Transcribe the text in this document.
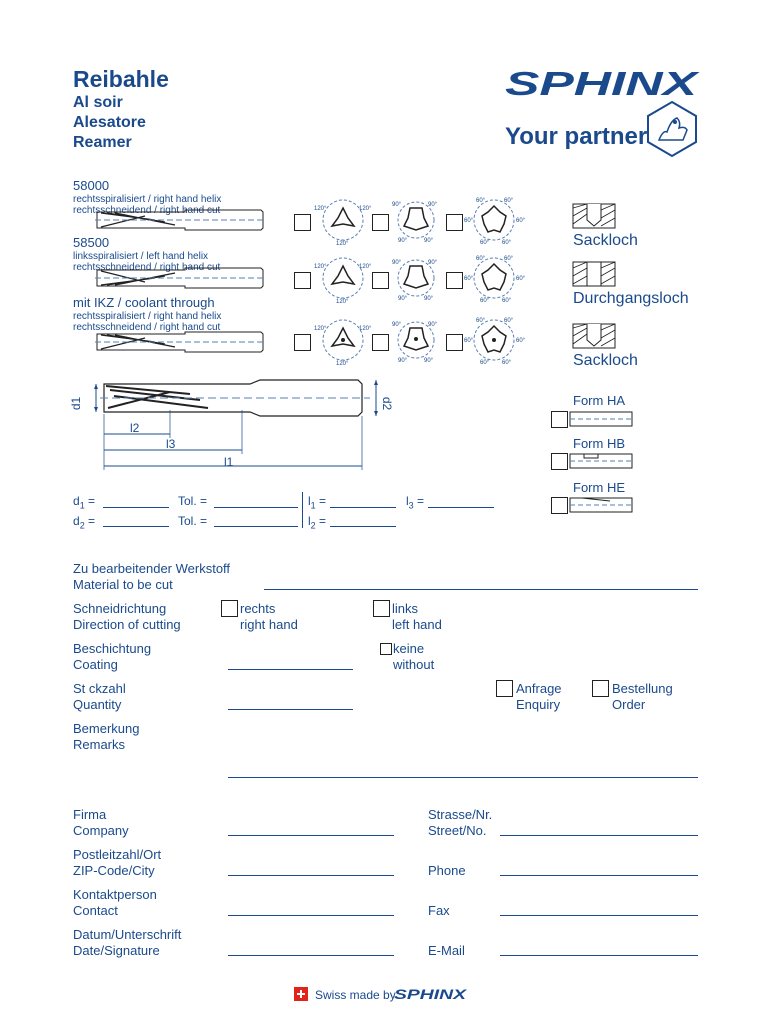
Reibahle
Al soir
Alesatore
Reamer
SPHINX
Your partner
58000
rechtsspiralisiert / right hand helix
rechtsschneidend / right hand cut
58500
linksspiralisiert / left hand helix
rechtsschneidend / right hand cut
mit IKZ / coolant through
rechtsspiralisiert / right hand helix
rechtsschneidend / right hand cut
120°	120°
120°
90°	90°
90°	90°
60°	60°
60°	60°
60° 60°
120°	120°
120°
90°	90°
90°	90°
60°	60°
60°	60°
60° 60°
120°	120°
120°
90°	90°
90°	90°
60°	60°
60°	60°
60° 60°
Sackloch
Durchgangsloch
Sackloch
d1	d2
l2
l3
l1
Form HA
Form HB
Form HE
$d_1$ =	Tol. =	$l_1$ =	$l_3$ =
$d_2$ =	Tol. =	$l_2$ =
Zu bearbeitender Werkstoff
Material to be cut
Schneidrichtung
Direction of cutting
rechts
right hand
links
left hand
Beschichtung
Coating
keine
without
St ckzahl
Quantity
Anfrage
Enquiry
Bestellung
Order
Bemerkung
Remarks
Firma
Company
Strasse/Nr.
Street/No.
Postleitzahl/Ort
ZIP-Code/City	Phone
Kontaktperson
Contact	Fax
Datum/Unterschrift
Date/Signature	E-Mail
Swiss made by
SPHINX
